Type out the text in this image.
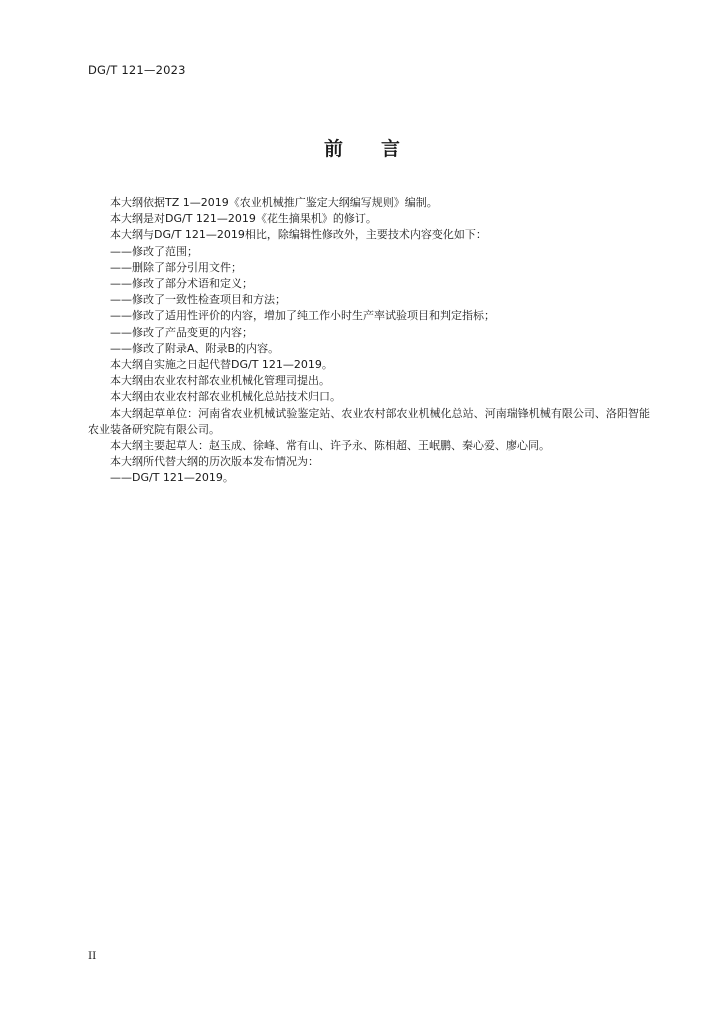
DG/T 121—2023
前 言

本大纲依据TZ 1—2019《农业机械推广鉴定大纲编写规则》编制。

本大纲是对DG/T 121—2019《花生摘果机》的修订。

本大纲与DG/T 121—2019相比，除编辑性修改外，主要技术内容变化如下：

——修改了范围；

——删除了部分引用文件；

——修改了部分术语和定义；

——修改了一致性检查项目和方法；

——修改了适用性评价的内容，增加了纯工作小时生产率试验项目和判定指标；

——修改了产品变更的内容；

——修改了附录A、附录B的内容。

本大纲自实施之日起代替DG/T 121—2019。

本大纲由农业农村部农业机械化管理司提出。

本大纲由农业农村部农业机械化总站技术归口。

本大纲起草单位：河南省农业机械试验鉴定站、农业农村部农业机械化总站、河南瑞锋机械有限公司、洛阳智能农业装备研究院有限公司。

本大纲主要起草人：赵玉成、徐峰、常有山、许予永、陈相超、王岷鹏、秦心爱、廖心同。

本大纲所代替大纲的历次版本发布情况为：

——DG/T 121—2019。

II
